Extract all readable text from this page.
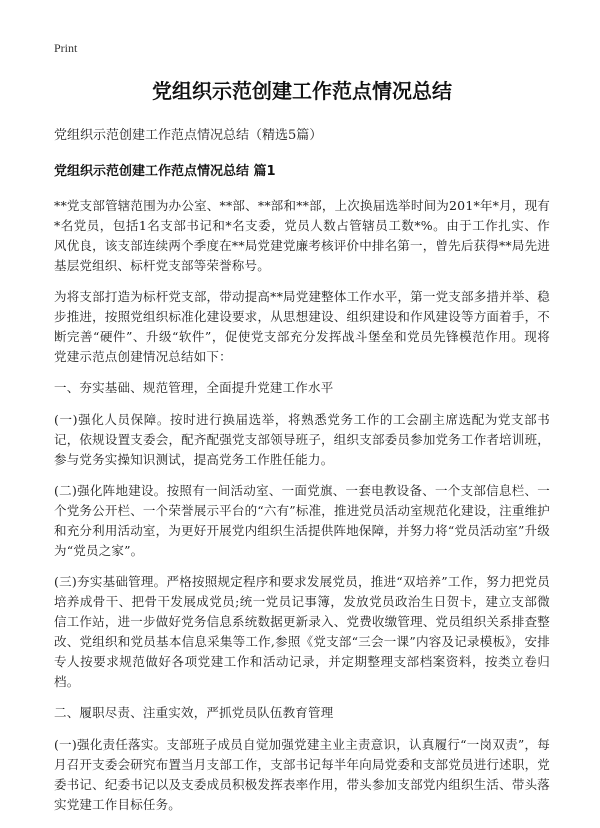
Print
党组织示范创建工作范点情况总结
党组织示范创建工作范点情况总结（精选5篇）
党组织示范创建工作范点情况总结 篇1
**党支部管辖范围为办公室、**部、**部和**部，上次换届选举时间为201*年*月，现有*名党员，包括1名支部书记和*名支委，党员人数占管辖员工数*%。由于工作扎实、作风优良，该支部连续两个季度在**局党建党廉考核评价中排名第一，曾先后获得**局先进基层党组织、标杆党支部等荣誉称号。
为将支部打造为标杆党支部，带动提高**局党建整体工作水平，第一党支部多措并举、稳步推进，按照党组织标准化建设要求，从思想建设、组织建设和作风建设等方面着手，不断完善“硬件”、升级“软件”，促使党支部充分发挥战斗堡垒和党员先锋模范作用。现将党建示范点创建情况总结如下：
一、夯实基础、规范管理，全面提升党建工作水平
(一)强化人员保障。按时进行换届选举，将熟悉党务工作的工会副主席选配为党支部书记，依规设置支委会，配齐配强党支部领导班子，组织支部委员参加党务工作者培训班，参与党务实操知识测试，提高党务工作胜任能力。
(二)强化阵地建设。按照有一间活动室、一面党旗、一套电教设备、一个支部信息栏、一个党务公开栏、一个荣誉展示平台的“六有”标准，推进党员活动室规范化建设，注重维护和充分利用活动室，为更好开展党内组织生活提供阵地保障，并努力将“党员活动室”升级为“党员之家”。
(三)夯实基础管理。严格按照规定程序和要求发展党员，推进“双培养”工作，努力把党员培养成骨干、把骨干发展成党员;统一党员记事簿，发放党员政治生日贺卡，建立支部微信工作站，进一步做好党务信息系统数据更新录入、党费收缴管理、党员组织关系排查整改、党组织和党员基本信息采集等工作,参照《党支部“三会一课”内容及记录模板》，安排专人按要求规范做好各项党建工作和活动记录，并定期整理支部档案资料，按类立卷归档。
二、履职尽责、注重实效，严抓党员队伍教育管理
(一)强化责任落实。支部班子成员自觉加强党建主业主责意识，认真履行“一岗双责”，每月召开支委会研究布置当月支部工作，支部书记每半年向局党委和支部党员进行述职，党委书记、纪委书记以及支委成员积极发挥表率作用，带头参加支部党内组织生活、带头落实党建工作目标任务。
